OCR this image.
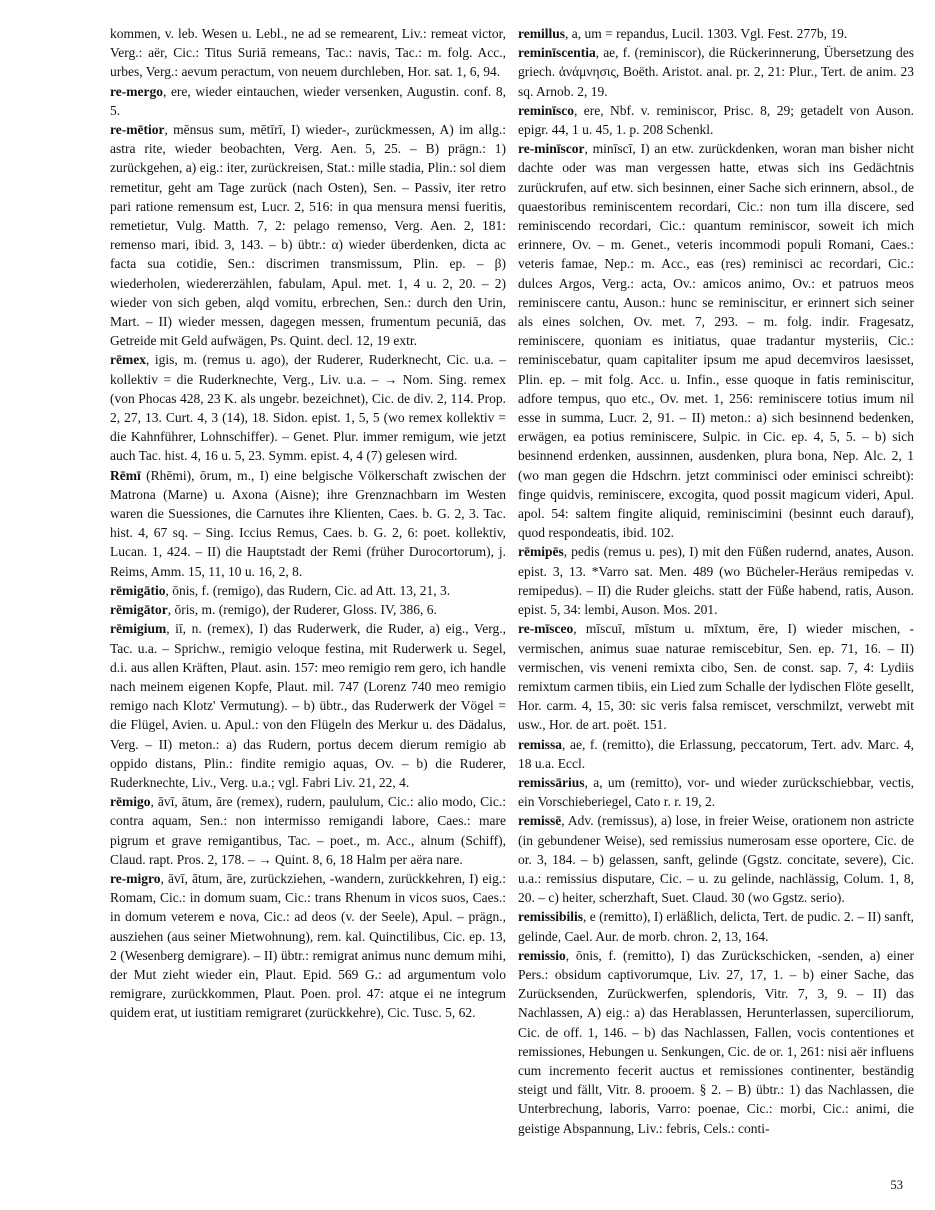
kommen, v. leb. Wesen u. Lebl., ne ad se remearent, Liv.: remeat victor, Verg.: aër, Cic.: Titus Suriā remeans, Tac.: navis, Tac.: m. folg. Acc., urbes, Verg.: aevum peractum, von neuem durchleben, Hor. sat. 1, 6, 94.

re-mergo, ere, wieder eintauchen, wieder versenken, Augustin. conf. 8, 5.

re-mētior, mēnsus sum, mētīrī, I) wieder-, zurückmessen, A) im allg.: astra rite, wieder beobachten, Verg. Aen. 5, 25. – B) prägn.: 1) zurückgehen, a) eig.: iter, zurückreisen, Stat.: mille stadia, Plin.: sol diem remetitur, geht am Tage zurück (nach Osten), Sen. – Passiv, iter retro pari ratione remensum est, Lucr. 2, 516: in qua mensura mensi fueritis, remetietur, Vulg. Matth. 7, 2: pelago remenso, Verg. Aen. 2, 181: remenso mari, ibid. 3, 143. – b) übtr.: α) wieder überdenken, dicta ac facta sua cotidie, Sen.: discrimen transmissum, Plin. ep. – β) wiederholen, wiedererzählen, fabulam, Apul. met. 1, 4 u. 2, 20. – 2) wieder von sich geben, alqd vomitu, erbrechen, Sen.: durch den Urin, Mart. – II) wieder messen, dagegen messen, frumentum pecuniā, das Getreide mit Geld aufwägen, Ps. Quint. decl. 12, 19 extr.

rēmex, igis, m. (remus u. ago), der Ruderer, Ruderknecht, Cic. u.a. – kollektiv = die Ruderknechte, Verg., Liv. u.a. – → Nom. Sing. remex (von Phocas 428, 23 K. als ungebr. bezeichnet), Cic. de div. 2, 114. Prop. 2, 27, 13. Curt. 4, 3 (14), 18. Sidon. epist. 1, 5, 5 (wo remex kollektiv = die Kahnführer, Lohnschiffer). – Genet. Plur. immer remigum, wie jetzt auch Tac. hist. 4, 16 u. 5, 23. Symm. epist. 4, 4 (7) gelesen wird.

Rēmī (Rhēmi), ōrum, m., I) eine belgische Völkerschaft zwischen der Matrona (Marne) u. Axona (Aisne); ihre Grenznachbarn im Westen waren die Suessiones, die Carnutes ihre Klienten, Caes. b. G. 2, 3. Tac. hist. 4, 67 sq. – Sing. Iccius Remus, Caes. b. G. 2, 6: poet. kollektiv, Lucan. 1, 424. – II) die Hauptstadt der Remi (früher Durocortorum), j. Reims, Amm. 15, 11, 10 u. 16, 2, 8.

rēmigātio, ōnis, f. (remigo), das Rudern, Cic. ad Att. 13, 21, 3.

rēmigātor, ōris, m. (remigo), der Ruderer, Gloss. IV, 386, 6.

rēmigium, iī, n. (remex), I) das Ruderwerk, die Ruder, a) eig., Verg., Tac. u.a. – Sprichw., remigio veloque festina, mit Ruderwerk u. Segel, d.i. aus allen Kräften, Plaut. asin. 157: meo remigio rem gero, ich handle nach meinem eigenen Kopfe, Plaut. mil. 747 (Lorenz 740 meo remigio remigo nach Klotz' Vermutung). – b) übtr., das Ruderwerk der Vögel = die Flügel, Avien. u. Apul.: von den Flügeln des Merkur u. des Dädalus, Verg. – II) meton.: a) das Rudern, portus decem dierum remigio ab oppido distans, Plin.: findite remigio aquas, Ov. – b) die Ruderer, Ruderknechte, Liv., Verg. u.a.; vgl. Fabri Liv. 21, 22, 4.

rēmigo, āvī, ātum, āre (remex), rudern, paululum, Cic.: alio modo, Cic.: contra aquam, Sen.: non intermisso remigandi labore, Caes.: mare pigrum et grave remigantibus, Tac. – poet., m. Acc., alnum (Schiff), Claud. rapt. Pros. 2, 178. – → Quint. 8, 6, 18 Halm per aëra nare.

re-migro, āvī, ātum, āre, zurückziehen, -wandern, zurückkehren, I) eig.: Romam, Cic.: in domum suam, Cic.: trans Rhenum in vicos suos, Caes.: in domum veterem e nova, Cic.: ad deos (v. der Seele), Apul. – prägn., ausziehen (aus seiner Mietwohnung), rem. kal. Quinctilibus, Cic. ep. 13, 2 (Wesenberg demigrare). – II) übtr.: remigrat animus nunc demum mihi, der Mut zieht wieder ein, Plaut. Epid. 569 G.: ad argumentum volo remigrare, zurückkommen, Plaut. Poen. prol. 47: atque ei ne integrum quidem erat, ut iustitiam remigraret (zurückkehre), Cic. Tusc. 5, 62.

remillus, a, um = repandus, Lucil. 1303. Vgl. Fest. 277b, 19.

reminīscentia, ae, f. (reminiscor), die Rückerinnerung, Übersetzung des griech. ἀνάμνησις, Boëth. Aristot. anal. pr. 2, 21: Plur., Tert. de anim. 23 sq. Arnob. 2, 19.

reminīsco, ere, Nbf. v. reminiscor, Prisc. 8, 29; getadelt von Auson. epigr. 44, 1 u. 45, 1. p. 208 Schenkl.

re-minīscor, minīscī, I) an etw. zurückdenken, woran man bisher nicht dachte oder was man vergessen hatte, etwas sich ins Gedächtnis zurückrufen, auf etw. sich besinnen, einer Sache sich erinnern, absol., de quaestoribus reminiscentem recordari, Cic.: non tum illa discere, sed reminiscendo recordari, Cic.: quantum reminiscor, soweit ich mich erinnere, Ov. – m. Genet., veteris incommodi populi Romani, Caes.: veteris famae, Nep.: m. Acc., eas (res) reminisci ac recordari, Cic.: dulces Argos, Verg.: acta, Ov.: amicos animo, Ov.: et patruos meos reminiscere cantu, Auson.: hunc se reminiscitur, er erinnert sich seiner als eines solchen, Ov. met. 7, 293. – m. folg. indir. Fragesatz, reminiscere, quoniam es initiatus, quae tradantur mysteriis, Cic.: reminiscebatur, quam capitaliter ipsum me apud decemviros laesisset, Plin. ep. – mit folg. Acc. u. Infin., esse quoque in fatis reminiscitur, adfore tempus, quo etc., Ov. met. 1, 256: reminiscere totius imum nil esse in summa, Lucr. 2, 91. – II) meton.: a) sich besinnend bedenken, erwägen, ea potius reminiscere, Sulpic. in Cic. ep. 4, 5, 5. – b) sich besinnend erdenken, aussinnen, ausdenken, plura bona, Nep. Alc. 2, 1 (wo man gegen die Hdschrn. jetzt comminisci oder eminisci schreibt): finge quidvis, reminiscere, excogita, quod possit magicum videri, Apul. apol. 54: saltem fingite aliquid, reminiscimini (besinnt euch darauf), quod respondeatis, ibid. 102.

rēmipēs, pedis (remus u. pes), I) mit den Füßen rudernd, anates, Auson. epist. 3, 13. *Varro sat. Men. 489 (wo Bücheler-Heräus remipedas v. remipedus). – II) die Ruder gleichs. statt der Füße habend, ratis, Auson. epist. 5, 34: lembi, Auson. Mos. 201.

re-mīsceo, mīscuī, mīstum u. mīxtum, ēre, I) wieder mischen, -vermischen, animus suae naturae remiscebitur, Sen. ep. 71, 16. – II) vermischen, vis veneni remixta cibo, Sen. de const. sap. 7, 4: Lydiis remixtum carmen tibiis, ein Lied zum Schalle der lydischen Flöte gesellt, Hor. carm. 4, 15, 30: sic veris falsa remiscet, verschmilzt, verwebt mit usw., Hor. de art. poët. 151.

remissa, ae, f. (remitto), die Erlassung, peccatorum, Tert. adv. Marc. 4, 18 u.a. Eccl.

remissārius, a, um (remitto), vor- und wieder zurückschiebbar, vectis, ein Vorschieberiegel, Cato r. r. 19, 2.

remissē, Adv. (remissus), a) lose, in freier Weise, orationem non astricte (in gebundener Weise), sed remissius numerosam esse oportere, Cic. de or. 3, 184. – b) gelassen, sanft, gelinde (Ggstz. concitate, severe), Cic. u.a.: remissius disputare, Cic. – u. zu gelinde, nachlässig, Colum. 1, 8, 20. – c) heiter, scherzhaft, Suet. Claud. 30 (wo Ggstz. serio).

remissibilis, e (remitto), I) erläßlich, delicta, Tert. de pudic. 2. – II) sanft, gelinde, Cael. Aur. de morb. chron. 2, 13, 164.

remissio, ōnis, f. (remitto), I) das Zurückschicken, -senden, a) einer Pers.: obsidum captivorumque, Liv. 27, 17, 1. – b) einer Sache, das Zurücksenden, Zurückwerfen, splendoris, Vitr. 7, 3, 9. – II) das Nachlassen, A) eig.: a) das Herablassen, Herunterlassen, superciliorum, Cic. de off. 1, 146. – b) das Nachlassen, Fallen, vocis contentiones et remissiones, Hebungen u. Senkungen, Cic. de or. 1, 261: nisi aër influens cum incremento fecerit auctus et remissiones continenter, beständig steigt und fällt, Vitr. 8. prooem. § 2. – B) übtr.: 1) das Nachlassen, die Unterbrechung, laboris, Varro: poenae, Cic.: morbi, Cic.: animi, die geistige Abspannung, Liv.: febris, Cels.: conti-

53
